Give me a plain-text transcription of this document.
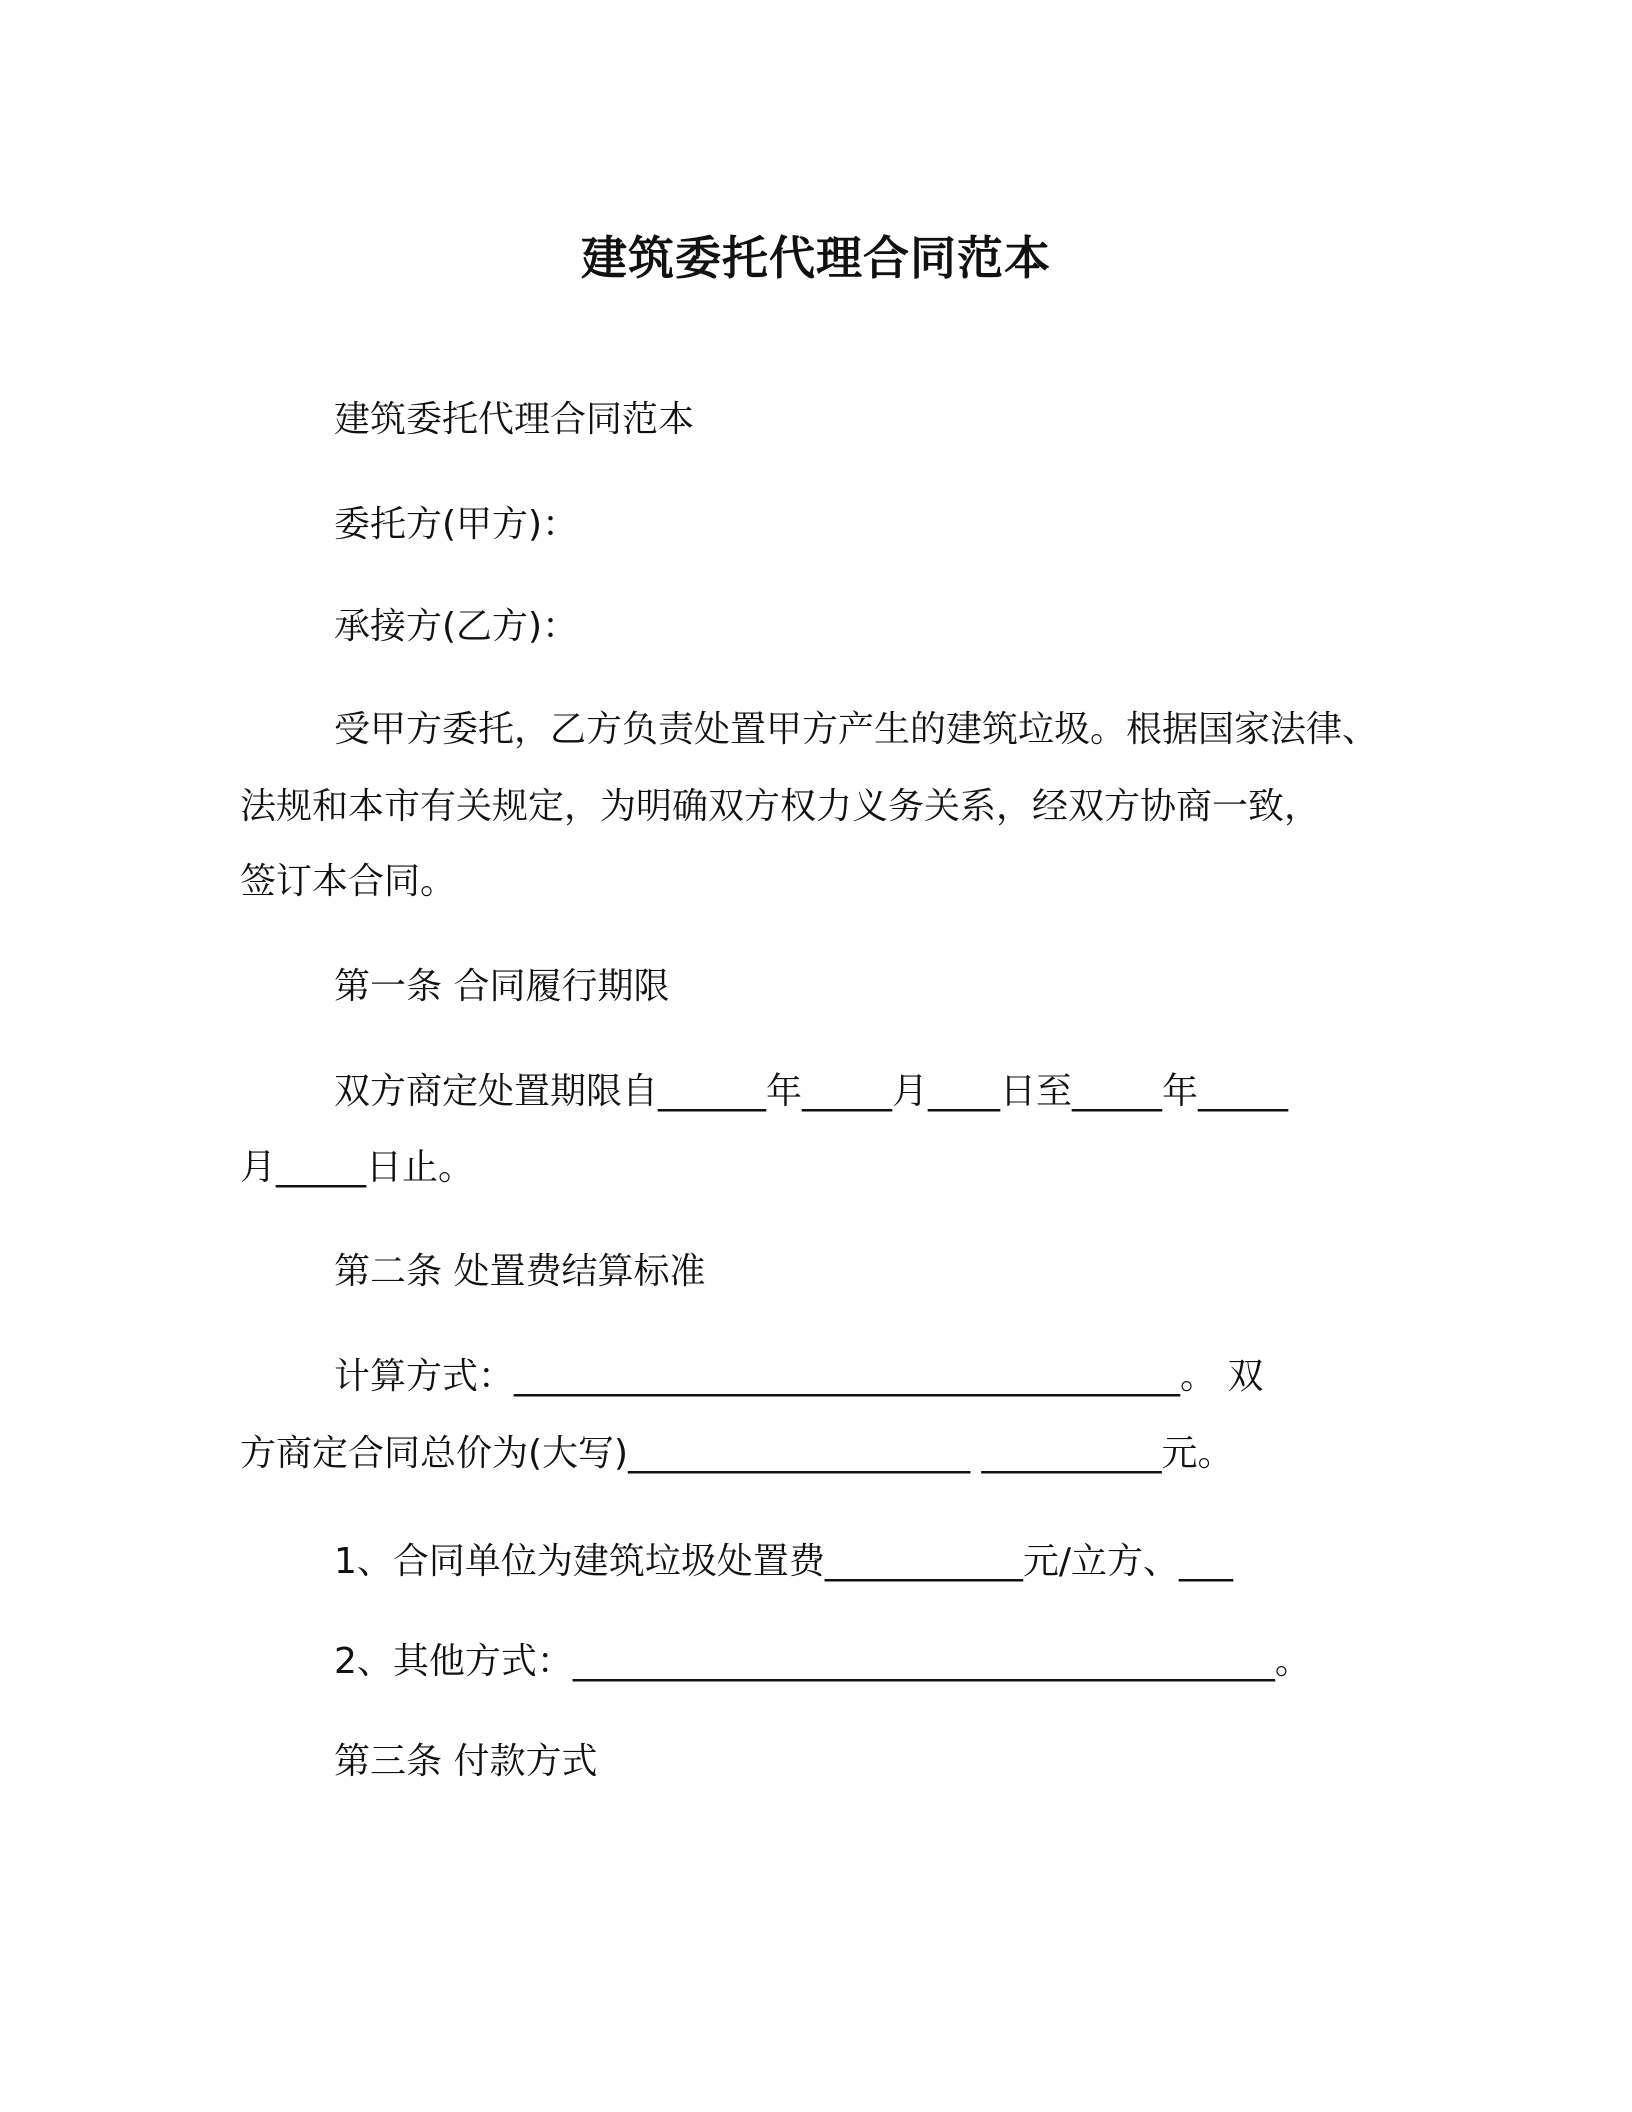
建筑委托代理合同范本
建筑委托代理合同范本
委托方(甲方)：
承接方(乙方)：
受甲方委托，乙方负责处置甲方产生的建筑垃圾。根据国家法律、
法规和本市有关规定，为明确双方权力义务关系，经双方协商一致，
签订本合同。
第一条 合同履行期限
双方商定处置期限自______年_____月____日至_____年_____
月_____日止。
第二条 处置费结算标准
计算方式：_____________________________________。 双
方商定合同总价为(大写)___________________ __________元。
1、合同单位为建筑垃圾处置费___________元/立方、___
2、其他方式：_______________________________________。
第三条 付款方式
